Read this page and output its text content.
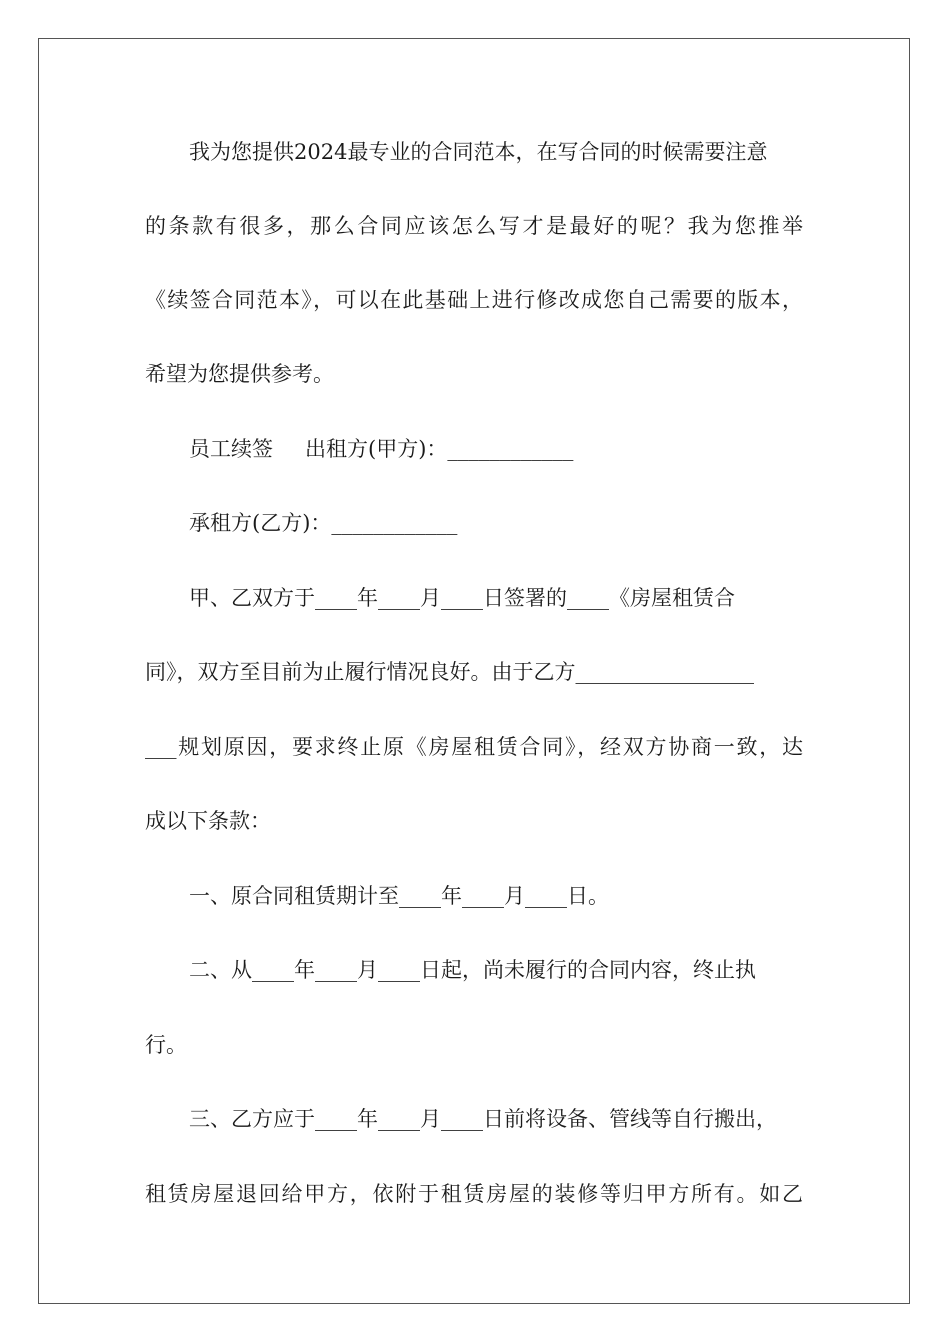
我为您提供2024最专业的合同范本，在写合同的时候需要注意
的条款有很多，那么合同应该怎么写才是最好的呢？我为您推举
《续签合同范本》，可以在此基础上进行修改成您自己需要的版本，
希望为您提供参考。
员工续签 出租方(甲方)：____________
承租方(乙方)：____________
甲、乙双方于____年____月____日签署的____《房屋租赁合
同》，双方至目前为止履行情况良好。由于乙方_________________
___规划原因，要求终止原《房屋租赁合同》，经双方协商一致，达
成以下条款：
一、原合同租赁期计至____年____月____日。
二、从____年____月____日起，尚未履行的合同内容，终止执
行。
三、乙方应于____年____月____日前将设备、管线等自行搬出，
租赁房屋退回给甲方，依附于租赁房屋的装修等归甲方所有。如乙
